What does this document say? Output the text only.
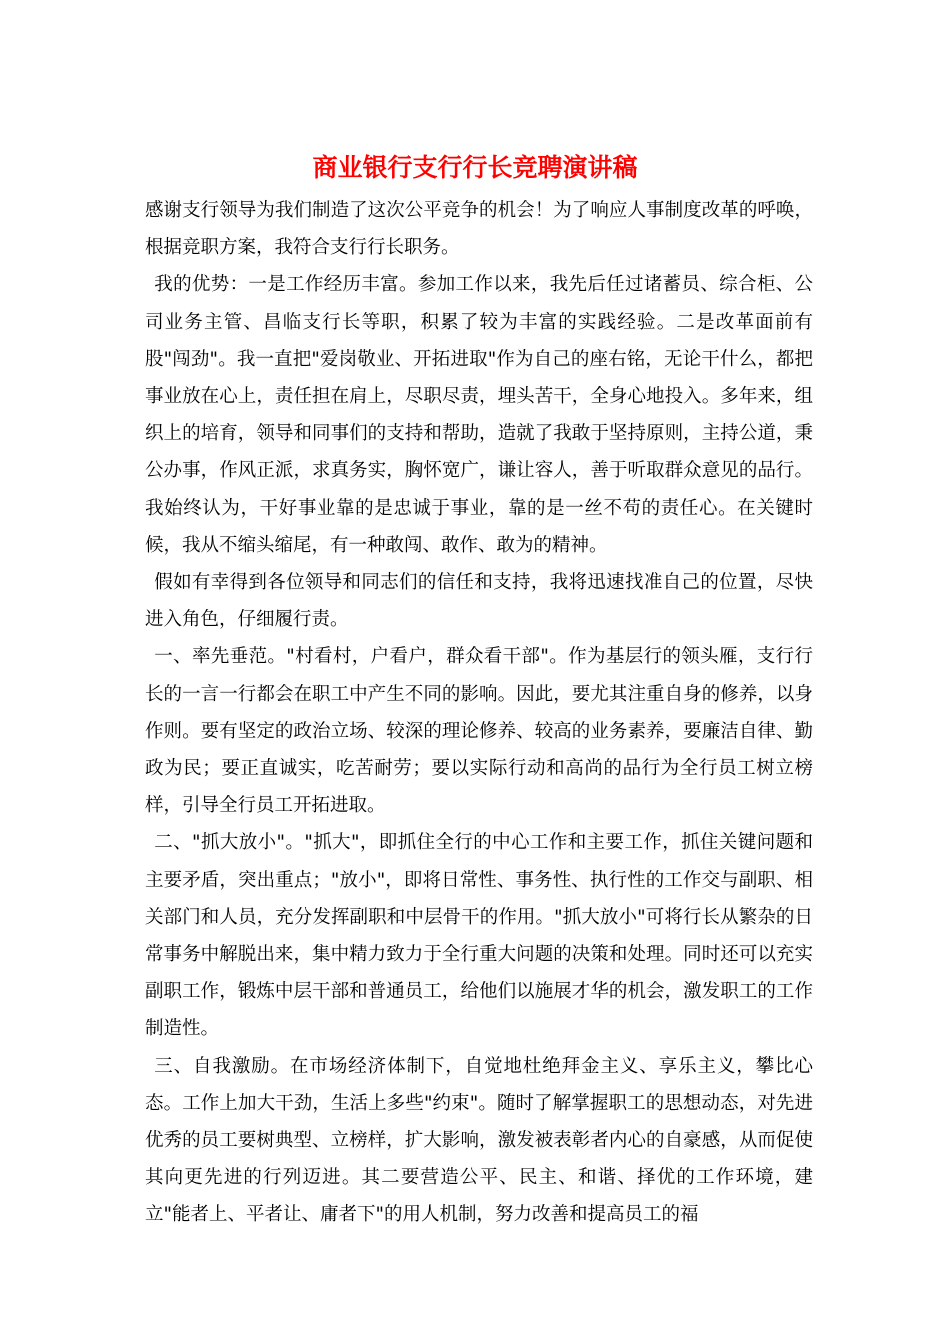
商业银行支行行长竞聘演讲稿

感谢支行领导为我们制造了这次公平竞争的机会！为了响应人事制度改革的呼唤，根据竞职方案，我符合支行行长职务。

我的优势：一是工作经历丰富。参加工作以来，我先后任过诸蓄员、综合柜、公司业务主管、昌临支行长等职，积累了较为丰富的实践经验。二是改革面前有股"闯劲"。我一直把"爱岗敬业、开拓进取"作为自己的座右铭，无论干什么，都把事业放在心上，责任担在肩上，尽职尽责，埋头苦干，全身心地投入。多年来，组织上的培育，领导和同事们的支持和帮助，造就了我敢于坚持原则，主持公道，秉公办事，作风正派，求真务实，胸怀宽广，谦让容人，善于听取群众意见的品行。我始终认为，干好事业靠的是忠诚于事业，靠的是一丝不苟的责任心。在关键时候，我从不缩头缩尾，有一种敢闯、敢作、敢为的精神。

假如有幸得到各位领导和同志们的信任和支持，我将迅速找准自己的位置，尽快进入角色，仔细履行责。

一、率先垂范。"村看村，户看户，群众看干部"。作为基层行的领头雁，支行行长的一言一行都会在职工中产生不同的影响。因此，要尤其注重自身的修养，以身作则。要有坚定的政治立场、较深的理论修养、较高的业务素养，要廉洁自律、勤政为民；要正直诚实，吃苦耐劳；要以实际行动和高尚的品行为全行员工树立榜样，引导全行员工开拓进取。

二、"抓大放小"。"抓大"，即抓住全行的中心工作和主要工作，抓住关键问题和主要矛盾，突出重点；"放小"，即将日常性、事务性、执行性的工作交与副职、相关部门和人员，充分发挥副职和中层骨干的作用。"抓大放小"可将行长从繁杂的日常事务中解脱出来，集中精力致力于全行重大问题的决策和处理。同时还可以充实副职工作，锻炼中层干部和普通员工，给他们以施展才华的机会，激发职工的工作制造性。

三、自我激励。在市场经济体制下，自觉地杜绝拜金主义、享乐主义，攀比心态。工作上加大干劲，生活上多些"约束"。随时了解掌握职工的思想动态，对先进优秀的员工要树典型、立榜样，扩大影响，激发被表彰者内心的自豪感，从而促使其向更先进的行列迈进。其二要营造公平、民主、和谐、择优的工作环境，建立"能者上、平者让、庸者下"的用人机制，努力改善和提高员工的福
